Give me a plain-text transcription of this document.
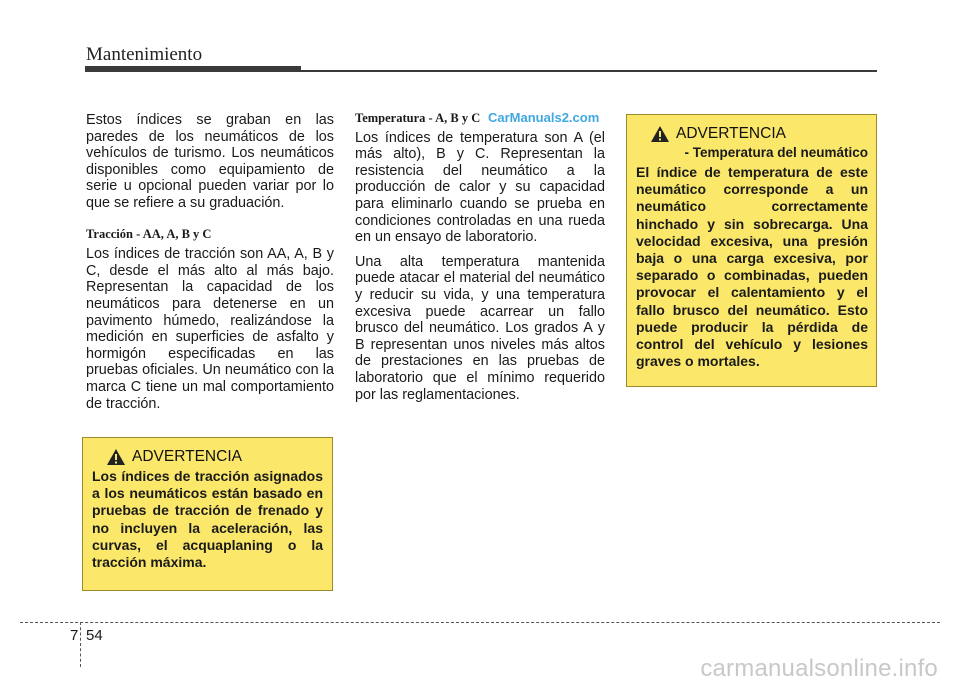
Mantenimiento

Estos índices se graban en las paredes de los neumáticos de los vehículos de turismo. Los neumáticos disponibles como equipamiento de serie u opcional pueden variar por lo que se refiere a su graduación.

Tracción - AA, A, B y C

Los índices de tracción son AA, A, B y C, desde el más alto al más bajo. Representan la capacidad de los neumáticos para detenerse en un pavimento húmedo, realizándose la medición en superficies de asfalto y hormigón especificadas en las pruebas oficiales. Un neumático con la marca C tiene un mal comportamiento de tracción.

ADVERTENCIA
Los índices de tracción asignados a los neumáticos están basado en pruebas de tracción de frenado y no incluyen la aceleración, las curvas, el acquaplaning o la tracción máxima.
Temperatura - A, B y C

Los índices de temperatura son A (el más alto), B y C. Representan la resistencia del neumático a la producción de calor y su capacidad para eliminarlo cuando se prueba en condiciones controladas en una rueda en un ensayo de laboratorio.

Una alta temperatura mantenida puede atacar el material del neumático y reducir su vida, y una temperatura excesiva puede acarrear un fallo brusco del neumático. Los grados A y B representan unos niveles más altos de prestaciones en las pruebas de laboratorio que el mínimo requerido por las reglamentaciones.

CarManuals2.com
ADVERTENCIA
- Temperatura del neumático
El índice de temperatura de este neumático corresponde a un neumático correctamente hinchado y sin sobrecarga. Una velocidad excesiva, una presión baja o una carga excesiva, por separado o combinadas, pueden provocar el calentamiento y el fallo brusco del neumático. Esto puede producir la pérdida de control del vehículo y lesiones graves o mortales.
7 54
carmanualsonline.info
